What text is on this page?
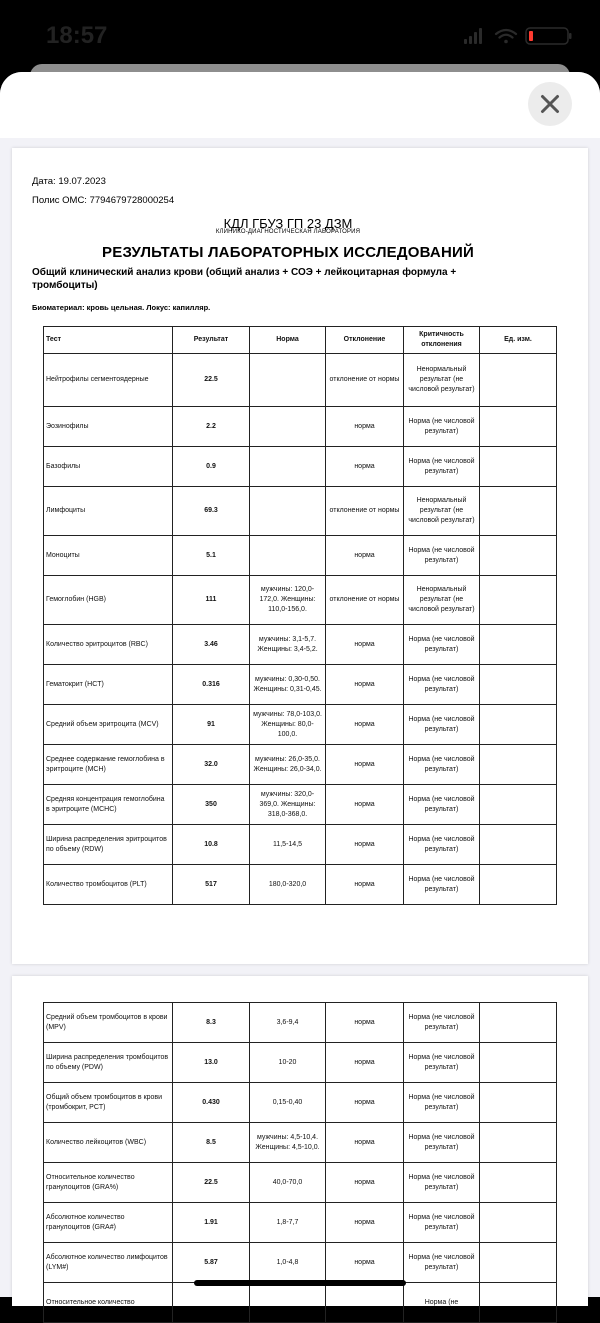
18:57
Дата: 19.07.2023
Полис ОМС: 7794679728000254
КДЛ ГБУЗ ГП 23 ДЗМ
КЛИНИКО-ДИАГНОСТИЧЕСКАЯ ЛАБОРАТОРИЯ
РЕЗУЛЬТАТЫ ЛАБОРАТОРНЫХ ИССЛЕДОВАНИЙ
Общий клинический анализ крови (общий анализ + СОЭ + лейкоцитарная формула + тромбоциты)
Биоматериал: кровь цельная. Локус: капилляр.
Тест	Результат	Норма	Отклонение	Критичность отклонения	Ед. изм.
Нейтрофилы сегментоядерные	22.5		отклонение от нормы	Ненормальный результат (не числовой результат)	
Эозинофилы	2.2		норма	Норма (не числовой результат)	
Базофилы	0.9		норма	Норма (не числовой результат)	
Лимфоциты	69.3		отклонение от нормы	Ненормальный результат (не числовой результат)	
Моноциты	5.1		норма	Норма (не числовой результат)	
Гемоглобин (HGB)	111	мужчины: 120,0-172,0. Женщины: 110,0-156,0.	отклонение от нормы	Ненормальный результат (не числовой результат)	
Количество эритроцитов (RBC)	3.46	мужчины: 3,1-5,7. Женщины: 3,4-5,2.	норма	Норма (не числовой результат)	
Гематокрит (HCT)	0.316	мужчины: 0,30-0,50. Женщины: 0,31-0,45.	норма	Норма (не числовой результат)	
Средний объем эритроцита (MCV)	91	мужчины: 78,0-103,0. Женщины: 80,0-100,0.	норма	Норма (не числовой результат)	
Среднее содержание гемоглобина в эритроците (MCH)	32.0	мужчины: 26,0-35,0. Женщины: 26,0-34,0.	норма	Норма (не числовой результат)	
Средняя концентрация гемоглобина в эритроците (MCHC)	350	мужчины: 320,0-369,0. Женщины: 318,0-368,0.	норма	Норма (не числовой результат)	
Ширина распределения эритроцитов по объему (RDW)	10.8	11,5-14,5	норма	Норма (не числовой результат)	
Количество тромбоцитов (PLT)	517	180,0-320,0	норма	Норма (не числовой результат)	
Средний объем тромбоцитов в крови (MPV)	8.3	3,6-9,4	норма	Норма (не числовой результат)	
Ширина распределения тромбоцитов по объему (PDW)	13.0	10-20	норма	Норма (не числовой результат)	
Общий объем тромбоцитов в крови (тромбокрит, PCT)	0.430	0,15-0,40	норма	Норма (не числовой результат)	
Количество лейкоцитов (WBC)	8.5	мужчины: 4,5-10,4. Женщины: 4,5-10,0.	норма	Норма (не числовой результат)	
Относительное количество гранулоцитов (GRA%)	22.5	40,0-70,0	норма	Норма (не числовой результат)	
Абсолютное количество гранулоцитов (GRA#)	1.91	1,8-7,7	норма	Норма (не числовой результат)	
Абсолютное количество лимфоцитов (LYM#)	5.87	1,0-4,8	норма	Норма (не числовой результат)	
Относительное количество				Норма (не	
